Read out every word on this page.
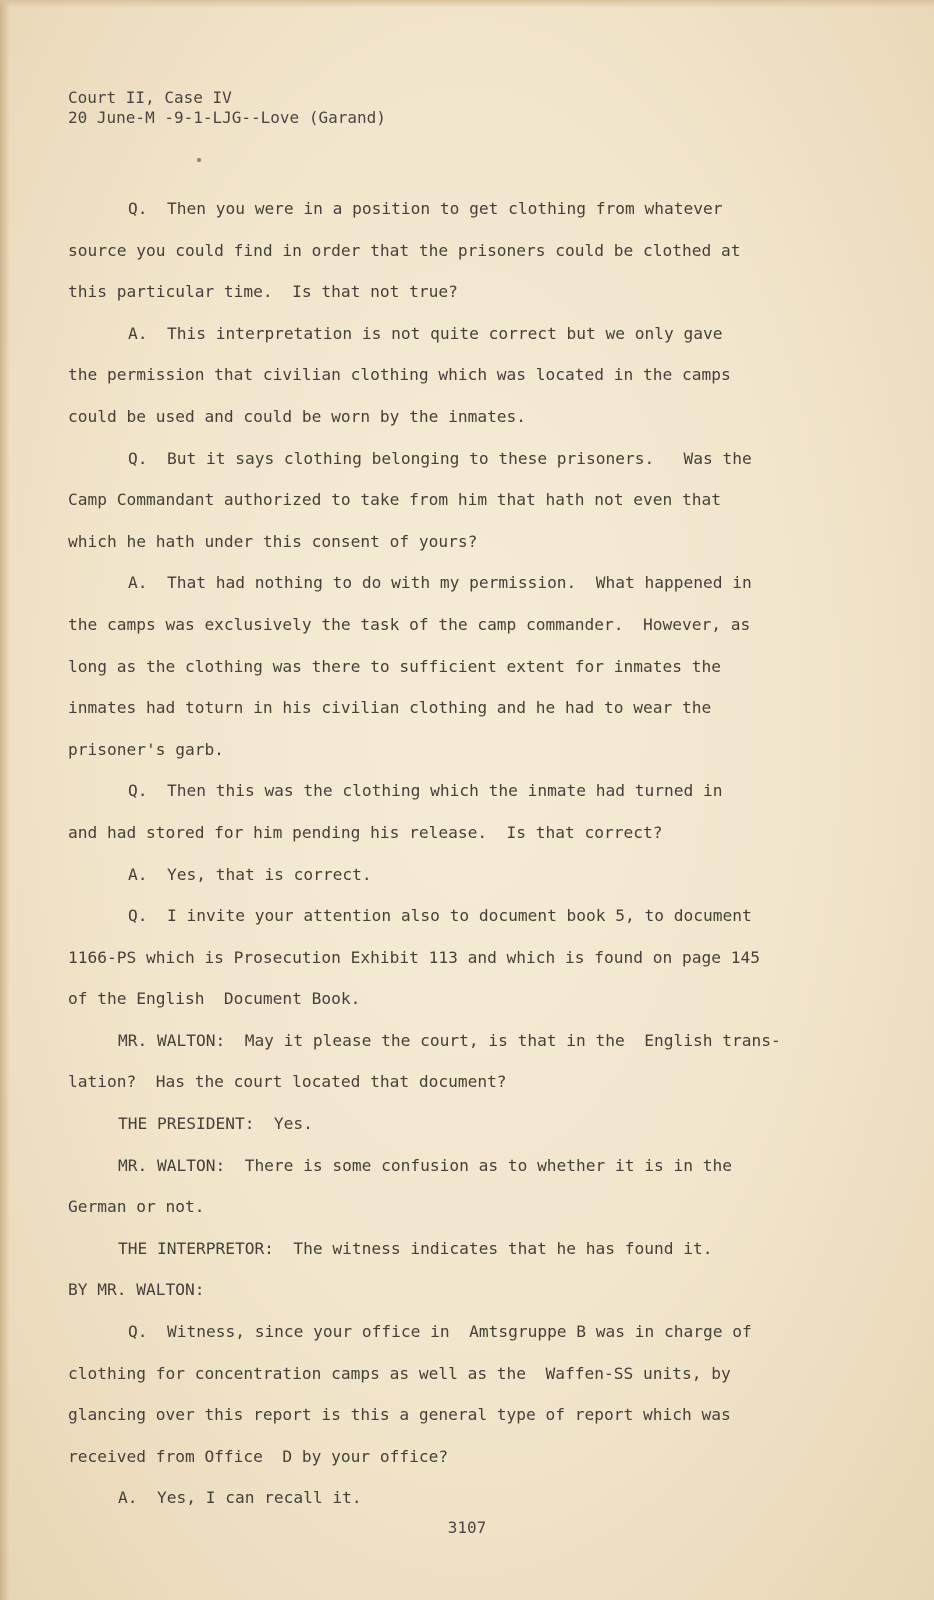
Court II, Case IV
20 June-M -9-1-LJG--Love (Garand)
Q.  Then you were in a position to get clothing from whatever
source you could find in order that the prisoners could be clothed at
this particular time.  Is that not true?
A.  This interpretation is not quite correct but we only gave
the permission that civilian clothing which was located in the camps
could be used and could be worn by the inmates.
Q.  But it says clothing belonging to these prisoners.   Was the
Camp Commandant authorized to take from him that hath not even that
which he hath under this consent of yours?
A.  That had nothing to do with my permission.  What happened in
the camps was exclusively the task of the camp commander.  However, as
long as the clothing was there to sufficient extent for inmates the
inmates had toturn in his civilian clothing and he had to wear the
prisoner's garb.
Q.  Then this was the clothing which the inmate had turned in
and had stored for him pending his release.  Is that correct?
A.  Yes, that is correct.
Q.  I invite your attention also to document book 5, to document
1166-PS which is Prosecution Exhibit 113 and which is found on page 145
of the English  Document Book.
MR. WALTON:  May it please the court, is that in the  English trans-
lation?  Has the court located that document?
THE PRESIDENT:  Yes.
MR. WALTON:  There is some confusion as to whether it is in the
German or not.
THE INTERPRETOR:  The witness indicates that he has found it.
BY MR. WALTON:
Q.  Witness, since your office in  Amtsgruppe B was in charge of
clothing for concentration camps as well as the  Waffen-SS units, by
glancing over this report is this a general type of report which was
received from Office  D by your office?
A.  Yes, I can recall it.
3107
